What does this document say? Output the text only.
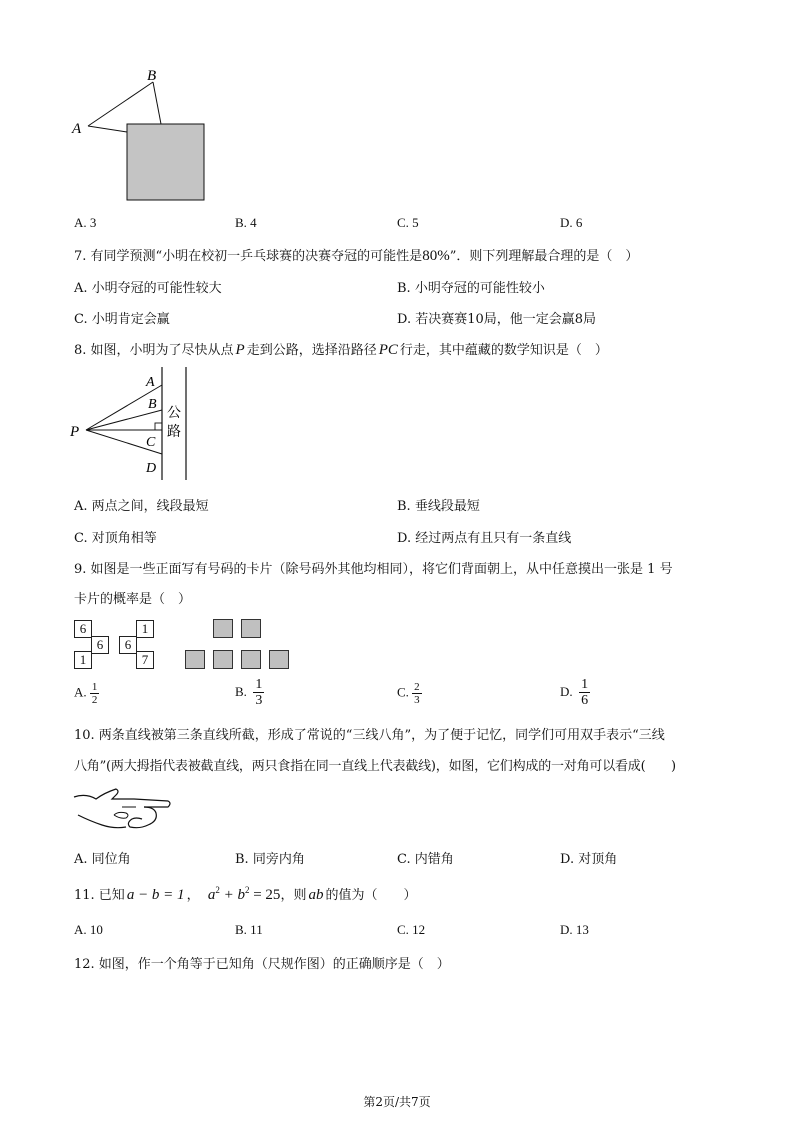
B
A
A. 3	B. 4	C. 5	D. 6
7. 有同学预测“小明在校初一乒乓球赛的决赛夺冠的可能性是80%”．则下列理解最合理的是（　）
A. 小明夺冠的可能性较大	B. 小明夺冠的可能性较小
C. 小明肯定会赢	D. 若决赛赛10局，他一定会赢8局
8. 如图，小明为了尽快从点 P 走到公路，选择沿路径 PC 行走，其中蕴藏的数学知识是（　）
A
B
C
D
P
公
路
A. 两点之间，线段最短	B. 垂线段最短
C. 对顶角相等	D. 经过两点有且只有一条直线
9. 如图是一些正面写有号码的卡片（除号码外其他均相同），将它们背面朝上，从中任意摸出一张是 1 号
卡片的概率是（　）
6
6
1
1
6
7
A. $\frac{1}{2}$	B. $\frac{1}{3}$	C. $\frac{2}{3}$	D. $\frac{1}{6}$
10. 两条直线被第三条直线所截，形成了常说的“三线八角”，为了便于记忆，同学们可用双手表示“三线
八角”(两大拇指代表被截直线，两只食指在同一直线上代表截线)，如图，它们构成的一对角可以看成(　　)
A. 同位角	B. 同旁内角	C. 内错角	D. 对顶角
11. 已知 a − b = 1 ， $a^2 + b^2 = 25$，则 ab 的值为（　　）
A. 10	B. 11	C. 12	D. 13
12. 如图，作一个角等于已知角（尺规作图）的正确顺序是（　）
第2页/共7页
